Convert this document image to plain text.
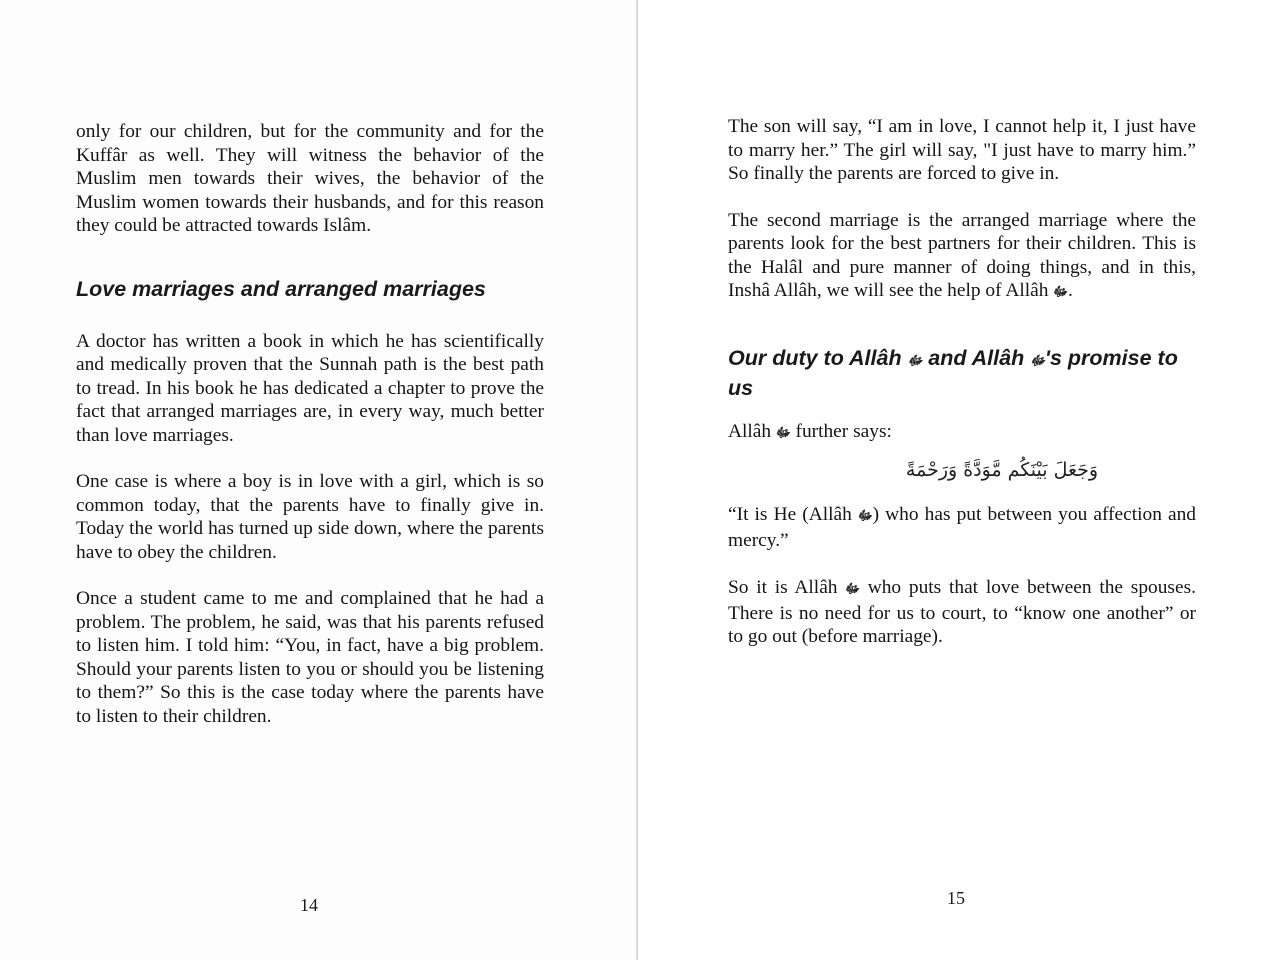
only for our children, but for the community and for the Kuffâr as well. They will witness the behavior of the Muslim men towards their wives, the behavior of the Muslim women towards their husbands, and for this reason they could be attracted towards Islâm.

Love marriages and arranged marriages

A doctor has written a book in which he has scientifically and medically proven that the Sunnah path is the best path to tread. In his book he has dedicated a chapter to prove the fact that arranged marriages are, in every way, much better than love marriages.

One case is where a boy is in love with a girl, which is so common today, that the parents have to finally give in. Today the world has turned up side down, where the parents have to obey the children.

Once a student came to me and complained that he had a problem. The problem, he said, was that his parents refused to listen him. I told him: “You, in fact, have a big problem. Should your parents listen to you or should you be listening to them?” So this is the case today where the parents have to listen to their children.

14

The son will say, “I am in love, I cannot help it, I just have to marry her.” The girl will say, "I just have to marry him.” So finally the parents are forced to give in.

The second marriage is the arranged marriage where the parents look for the best partners for their children. This is the Halâl and pure manner of doing things, and in this, Inshâ Allâh, we will see the help of Allâh ﷻ.

Our duty to Allâh ﷻ and Allâh ﷻ's promise to us

Allâh ﷻ further says:

وَجَعَلَ بَيْنَكُم مَّوَدَّةً وَرَحْمَةً

“It is He (Allâh ﷻ) who has put between you affection and mercy.”

So it is Allâh ﷻ who puts that love between the spouses. There is no need for us to court, to “know one another” or to go out (before marriage).

15
